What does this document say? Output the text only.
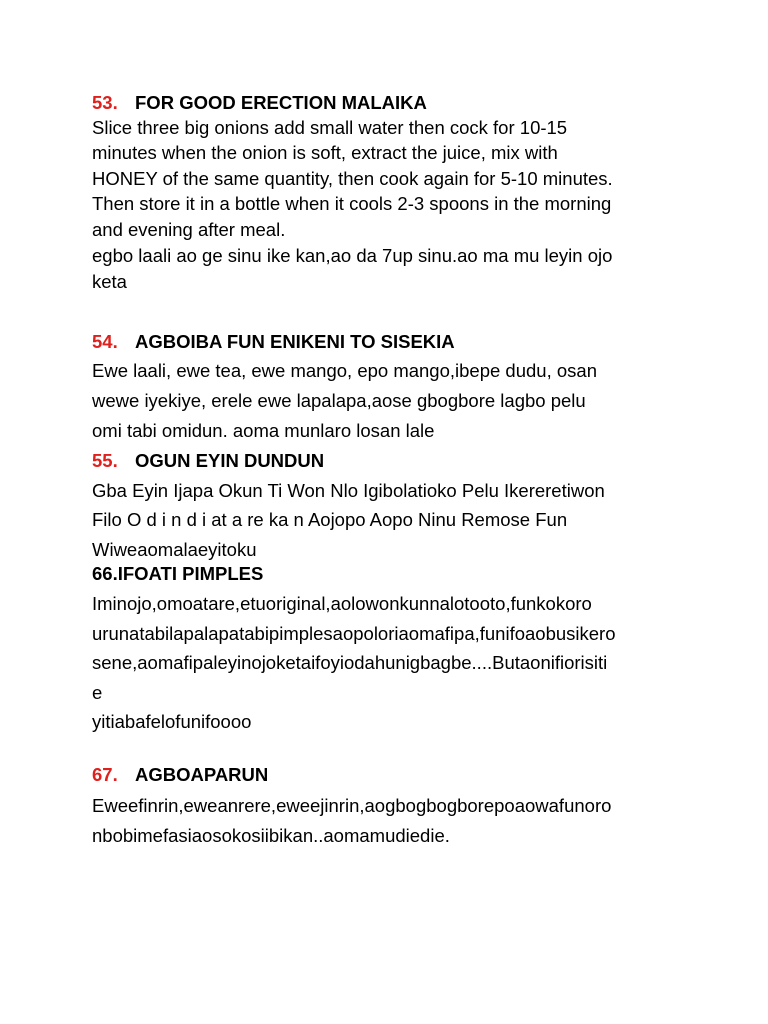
53. FOR GOOD ERECTION MALAIKA
Slice three big onions add small water then cock for 10-15
minutes when the onion is soft, extract the juice, mix with
HONEY of the same quantity, then cook again for 5-10 minutes.
Then store it in a bottle when it cools 2-3 spoons in the morning
and evening after meal.
egbo laali ao ge sinu ike kan,ao da 7up sinu.ao ma mu leyin ojo
keta
54. AGBOIBA FUN ENIKENI TO SISEKIA
Ewe laali, ewe tea, ewe mango, epo mango,ibepe dudu, osan
wewe iyekiye, erele ewe lapalapa,aose gbogbore lagbo pelu
omi tabi omidun. aoma munlaro losan lale
55. OGUN EYIN DUNDUN
Gba Eyin Ijapa Okun Ti Won Nlo Igibolatioko Pelu Ikereretiwon
Filo O d i n d i at a re ka n Aojopo Aopo Ninu Remose Fun
Wiweaomalaeyitoku
66.IFOATI PIMPLES
Iminojo,omoatare,etuoriginal,aolowonkunnalotooto,funkokoro
urunatabilapalapatabipimplesaopoloriaomafipa,funifoaobusikero
sene,aomafipaleyinojoketaifoyiodahunigbagbe....Butaonifiorisiti
e
yitiabafelofunifoooo
67. AGBOAPARUN
Eweefinrin,eweanrere,eweejinrin,aogbogbogborepoaowafunoro
nbobimefasiaosokosiibikan..aomamudiedie.
